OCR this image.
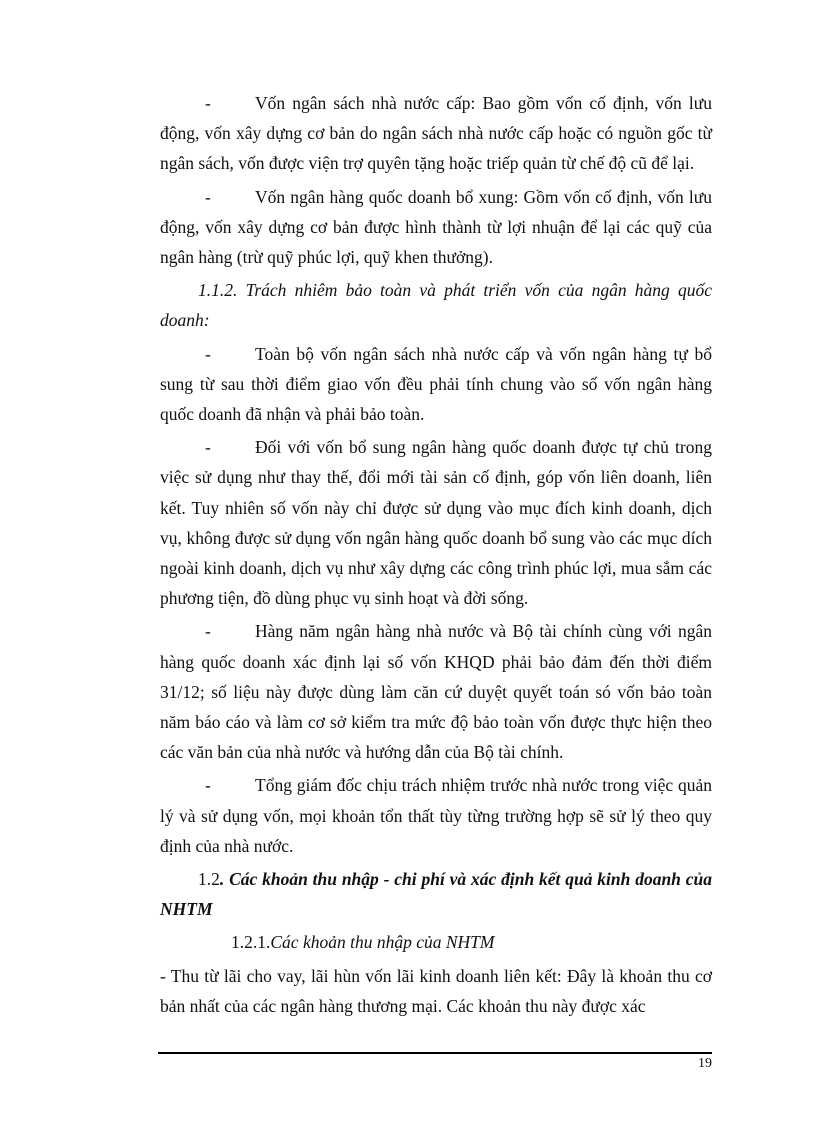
-	Vốn ngân sách nhà nước cấp: Bao gồm vốn cố định, vốn lưu động, vốn xây dựng cơ bản do ngân sách nhà nước cấp hoặc có nguồn gốc từ ngân sách, vốn được viện trợ quyên tặng hoặc triếp quản từ chế độ cũ để lại.

-	Vốn ngân hàng quốc doanh bổ xung: Gồm vốn cố định, vốn lưu động, vốn xây dựng cơ bản được hình thành từ lợi nhuận để lại các quỹ của ngân hàng (trừ quỹ phúc lợi, quỹ khen thưởng).

1.1.2. Trách nhiêm bảo toàn và phát triển vốn của ngân hàng quốc doanh:

-	Toàn bộ vốn ngân sách nhà nước cấp và vốn ngân hàng tự bổ sung từ sau thời điểm giao vốn đều phải tính chung vào số vốn ngân hàng quốc doanh đã nhận và phải bảo toàn.

-	Đối với vốn bổ sung ngân hàng quốc doanh được tự chủ trong việc sử dụng như thay thế, đổi mới tài sản cố định, góp vốn liên doanh, liên kết. Tuy nhiên số vốn này chỉ được sử dụng vào mục đích kinh doanh, dịch vụ, không được sử dụng vốn ngân hàng quốc doanh bổ sung vào các mục dích ngoài kinh doanh, dịch vụ như xây dựng các công trình phúc lợi, mua sắm các phương tiện, đồ dùng phục vụ sinh hoạt và đời sống.

-	Hàng năm ngân hàng nhà nước và Bộ tài chính cùng với ngân hàng quốc doanh xác định lại số vốn KHQD phải bảo đảm đến thời điểm 31/12; số liệu này được dùng làm căn cứ duyệt quyết toán só vốn bảo toàn năm báo cáo và làm cơ sở kiểm tra mức độ bảo toàn vốn được thực hiện theo các văn bản của nhà nước và hướng dẫn của Bộ tài chính.

-	Tổng giám đốc chịu trách nhiệm trước nhà nước trong việc quản lý và sử dụng vốn, mọi khoản tổn thất tùy từng trường hợp sẽ sử lý theo quy định của nhà nước.

1.2. Các khoản thu nhập - chi phí và xác định kết quả kinh doanh của NHTM

1.2.1.Các khoản thu nhập của NHTM

- Thu từ lãi cho vay, lãi hùn vốn lãi kinh doanh liên kết: Đây là khoản thu cơ bản nhất của các ngân hàng thương mại. Các khoản thu này được xác

19
